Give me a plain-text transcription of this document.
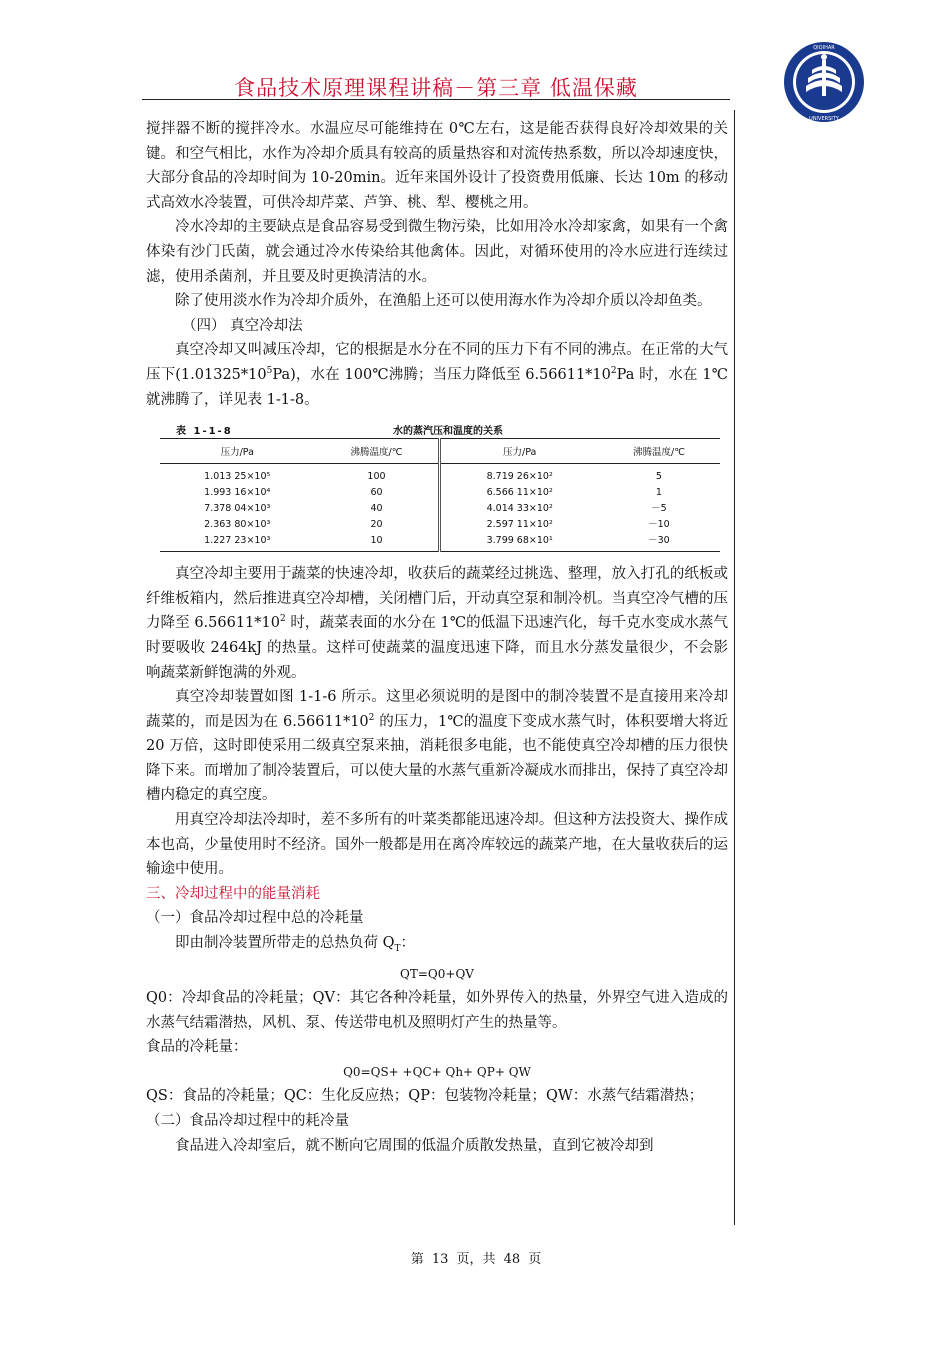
食品技术原理课程讲稿－第三章 低温保藏
QIQIHAR
UNIVERSITY

搅拌器不断的搅拌冷水。水温应尽可能维持在 0℃左右，这是能否获得良好冷却效果的关键。和空气相比，水作为冷却介质具有较高的质量热容和对流传热系数，所以冷却速度快，大部分食品的冷却时间为 10-20min。近年来国外设计了投资费用低廉、长达 10m 的移动式高效水冷装置，可供冷却芹菜、芦笋、桃、犁、樱桃之用。

冷水冷却的主要缺点是食品容易受到微生物污染，比如用冷水冷却家禽，如果有一个禽体染有沙门氏菌，就会通过冷水传染给其他禽体。因此，对循环使用的冷水应进行连续过滤，使用杀菌剂，并且要及时更换清洁的水。

除了使用淡水作为冷却介质外，在渔船上还可以使用海水作为冷却介质以冷却鱼类。

（四） 真空冷却法

真空冷却又叫减压冷却，它的根据是水分在不同的压力下有不同的沸点。在正常的大气压下$(1.01325*10^5Pa)$，水在 100℃沸腾；当压力降低至 $6.56611*10^2Pa$ 时，水在 1℃就沸腾了，详见表 1-1-8。

表 1-1-8	水的蒸汽压和温度的关系
压力/Pa	沸腾温度/℃	压力/Pa	沸腾温度/℃
1.013 25×10⁵	100	8.719 26×10²	5
1.993 16×10⁴	60	6.566 11×10²	1
7.378 04×10³	40	4.014 33×10²	－5
2.363 80×10³	20	2.597 11×10²	－10
1.227 23×10³	10	3.799 68×10¹	－30

真空冷却主要用于蔬菜的快速冷却，收获后的蔬菜经过挑选、整理，放入打孔的纸板或纤维板箱内，然后推进真空冷却槽，关闭槽门后，开动真空泵和制冷机。当真空冷气槽的压力降至 $6.56611*10^2$ 时，蔬菜表面的水分在 1℃的低温下迅速汽化，每千克水变成水蒸气时要吸收 2464kJ 的热量。这样可使蔬菜的温度迅速下降，而且水分蒸发量很少，不会影响蔬菜新鲜饱满的外观。

真空冷却装置如图 1-1-6 所示。这里必须说明的是图中的制冷装置不是直接用来冷却蔬菜的，而是因为在 $6.56611*10^2$ 的压力，1℃的温度下变成水蒸气时，体积要增大将近 20 万倍，这时即使采用二级真空泵来抽，消耗很多电能，也不能使真空冷却槽的压力很快降下来。而增加了制冷装置后，可以使大量的水蒸气重新冷凝成水而排出，保持了真空冷却槽内稳定的真空度。

用真空冷却法冷却时，差不多所有的叶菜类都能迅速冷却。但这种方法投资大、操作成本也高，少量使用时不经济。国外一般都是用在离冷库较远的蔬菜产地，在大量收获后的运输途中使用。

三、冷却过程中的能量消耗

（一）食品冷却过程中总的冷耗量

即由制冷装置所带走的总热负荷 $Q_T$：

QT=Q0+QV

Q0：冷却食品的冷耗量；QV：其它各种冷耗量，如外界传入的热量，外界空气进入造成的水蒸气结霜潜热，风机、泵、传送带电机及照明灯产生的热量等。

食品的冷耗量：

Q0=QS+ +QC+ Qh+ QP+ QW

QS：食品的冷耗量；QC：生化反应热；QP：包装物冷耗量；QW：水蒸气结霜潜热；

（二）食品冷却过程中的耗冷量

食品进入冷却室后，就不断向它周围的低温介质散发热量，直到它被冷却到

第 13 页，共 48 页
